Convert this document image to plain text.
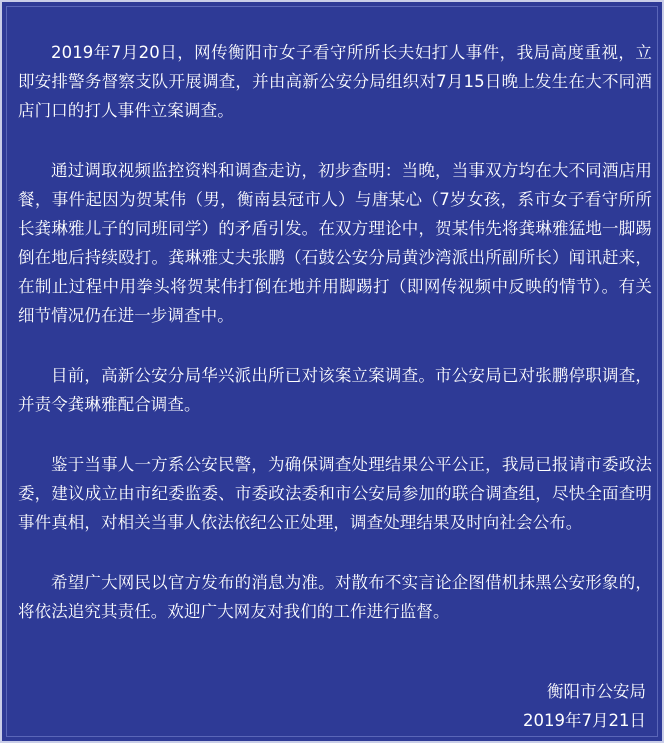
2019年7月20日，网传衡阳市女子看守所所长夫妇打人事件，我局高度重视，立即安排警务督察支队开展调查，并由高新公安分局组织对7月15日晚上发生在大不同酒店门口的打人事件立案调查。

通过调取视频监控资料和调查走访，初步查明：当晚，当事双方均在大不同酒店用餐，事件起因为贺某伟（男，衡南县冠市人）与唐某心（7岁女孩，系市女子看守所所长龚琳雅儿子的同班同学）的矛盾引发。在双方理论中，贺某伟先将龚琳雅猛地一脚踢倒在地后持续殴打。龚琳雅丈夫张鹏（石鼓公安分局黄沙湾派出所副所长）闻讯赶来，在制止过程中用拳头将贺某伟打倒在地并用脚踢打（即网传视频中反映的情节）。有关细节情况仍在进一步调查中。

目前，高新公安分局华兴派出所已对该案立案调查。市公安局已对张鹏停职调查，并责令龚琳雅配合调查。

鉴于当事人一方系公安民警，为确保调查处理结果公平公正，我局已报请市委政法委，建议成立由市纪委监委、市委政法委和市公安局参加的联合调查组，尽快全面查明事件真相，对相关当事人依法依纪公正处理，调查处理结果及时向社会公布。

希望广大网民以官方发布的消息为准。对散布不实言论企图借机抹黑公安形象的，将依法追究其责任。欢迎广大网友对我们的工作进行监督。

衡阳市公安局
2019年7月21日
